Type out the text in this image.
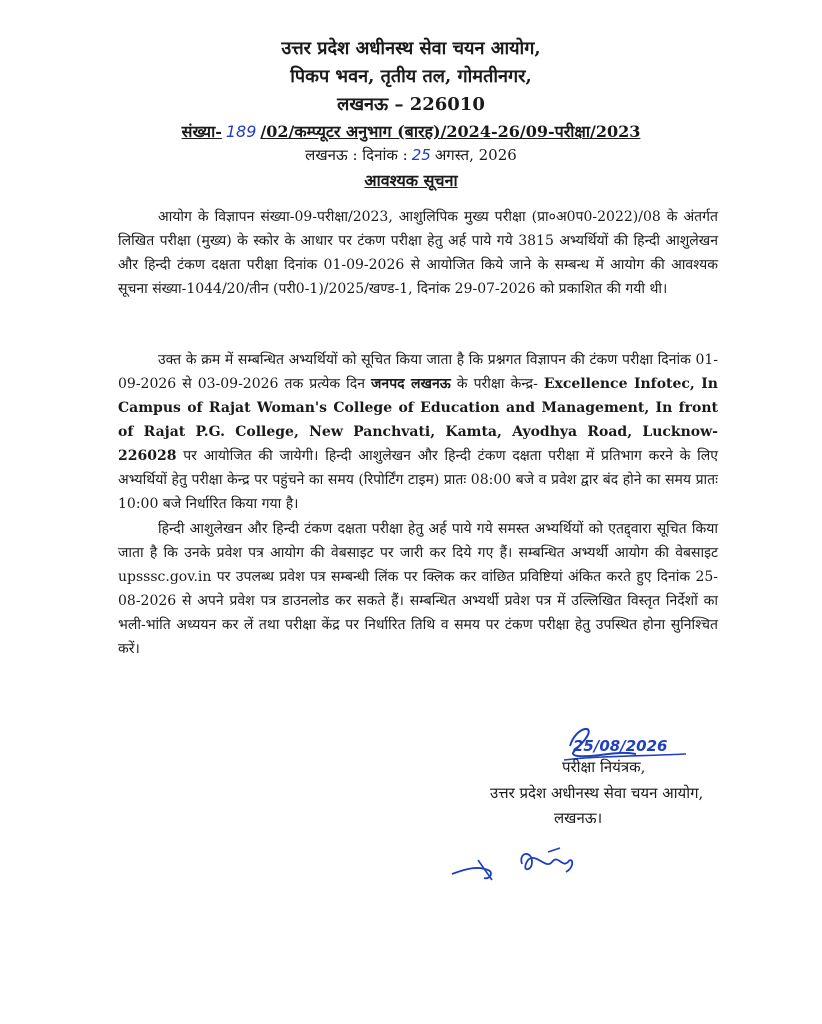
उत्तर प्रदेश अधीनस्थ सेवा चयन आयोग,
पिकप भवन, तृतीय तल, गोमतीनगर,
लखनऊ – 226010
संख्या- 189 /02/कम्प्यूटर अनुभाग (बारह)/2024-26/09-परीक्षा/2023
लखनऊ : दिनांक : 25 अगस्त, 2026
आवश्यक सूचना

आयोग के विज्ञापन संख्या-09-परीक्षा/2023, आशुलिपिक मुख्य परीक्षा (प्रा०अ0प0-2022)/08 के अंतर्गत लिखित परीक्षा (मुख्य) के स्कोर के आधार पर टंकण परीक्षा हेतु अर्ह पाये गये 3815 अभ्यर्थियों की हिन्दी आशुलेखन और हिन्दी टंकण दक्षता परीक्षा दिनांक 01-09-2026 से आयोजित किये जाने के सम्बन्ध में आयोग की आवश्यक सूचना संख्या-1044/20/तीन (परी0-1)/2025/खण्ड-1, दिनांक 29-07-2026 को प्रकाशित की गयी थी।

उक्त के क्रम में सम्बन्धित अभ्यर्थियों को सूचित किया जाता है कि प्रश्नगत विज्ञापन की टंकण परीक्षा दिनांक 01-09-2026 से 03-09-2026 तक प्रत्येक दिन जनपद लखनऊ के परीक्षा केन्द्र- Excellence Infotec, In Campus of Rajat Woman's College of Education and Management, In front of Rajat P.G. College, New Panchvati, Kamta, Ayodhya Road, Lucknow-226028 पर आयोजित की जायेगी। हिन्दी आशुलेखन और हिन्दी टंकण दक्षता परीक्षा में प्रतिभाग करने के लिए अभ्यर्थियों हेतु परीक्षा केन्द्र पर पहुंचने का समय (रिपोर्टिंग टाइम) प्रातः 08:00 बजे व प्रवेश द्वार बंद होने का समय प्रातः 10:00 बजे निर्धारित किया गया है।

हिन्दी आशुलेखन और हिन्दी टंकण दक्षता परीक्षा हेतु अर्ह पाये गये समस्त अभ्यर्थियों को एतद्द्वारा सूचित किया जाता है कि उनके प्रवेश पत्र आयोग की वेबसाइट पर जारी कर दिये गए हैं। सम्बन्धित अभ्यर्थी आयोग की वेबसाइट upsssc.gov.in पर उपलब्ध प्रवेश पत्र सम्बन्धी लिंक पर क्लिक कर वांछित प्रविष्टियां अंकित करते हुए दिनांक 25-08-2026 से अपने प्रवेश पत्र डाउनलोड कर सकते हैं। सम्बन्धित अभ्यर्थी प्रवेश पत्र में उल्लिखित विस्तृत निर्देशों का भली-भांति अध्ययन कर लें तथा परीक्षा केंद्र पर निर्धारित तिथि व समय पर टंकण परीक्षा हेतु उपस्थित होना सुनिश्चित करें।

25/08/2026
परीक्षा नियंत्रक,
उत्तर प्रदेश अधीनस्थ सेवा चयन आयोग,
लखनऊ।
